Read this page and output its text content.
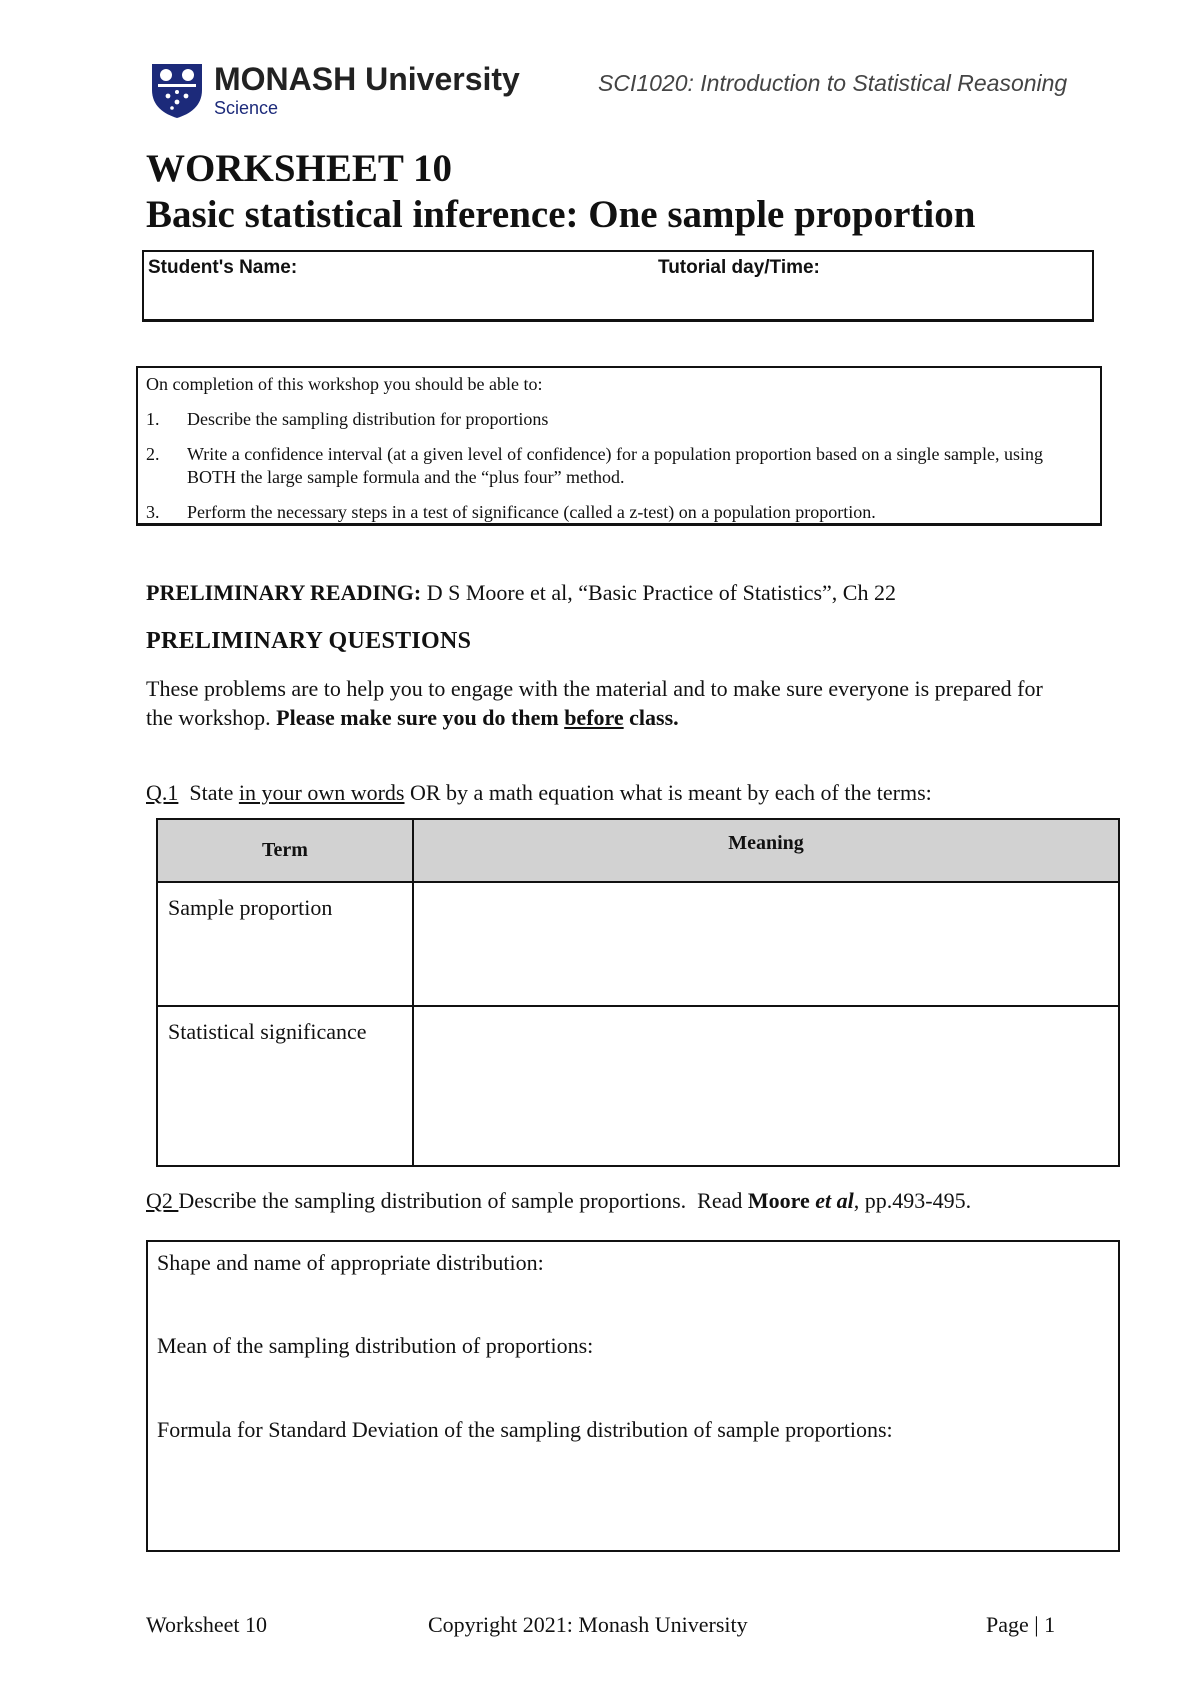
MONASH University
Science
SCI1020: Introduction to Statistical Reasoning
WORKSHEET 10
Basic statistical inference: One sample proportion
Student's Name:	Tutorial day/Time:
On completion of this workshop you should be able to:
1. Describe the sampling distribution for proportions
2. Write a confidence interval (at a given level of confidence) for a population proportion based on a single sample, using BOTH the large sample formula and the “plus four” method.
3. Perform the necessary steps in a test of significance (called a z-test) on a population proportion.
PRELIMINARY READING: D S Moore et al, “Basic Practice of Statistics”, Ch 22
PRELIMINARY QUESTIONS
These problems are to help you to engage with the material and to make sure everyone is prepared for the workshop. Please make sure you do them before class.
Q.1  State in your own words OR by a math equation what is meant by each of the terms:
Term	Meaning
Sample proportion	
Statistical significance	
Q2 Describe the sampling distribution of sample proportions.  Read Moore et al, pp.493-495.
Shape and name of appropriate distribution:
Mean of the sampling distribution of proportions:
Formula for Standard Deviation of the sampling distribution of sample proportions:
Worksheet 10	Copyright 2021: Monash University	Page | 1
